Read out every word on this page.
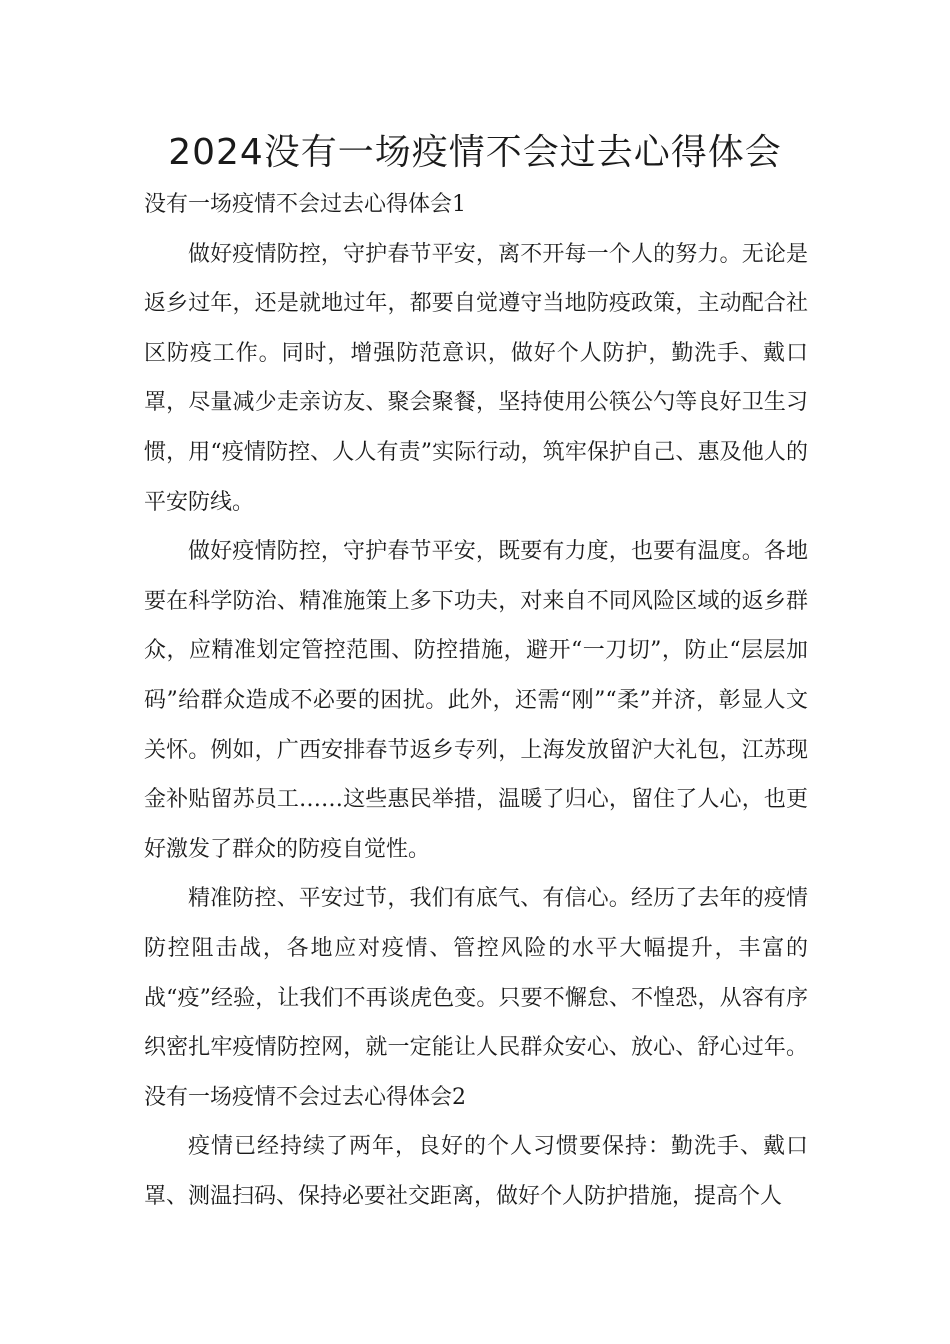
2024没有一场疫情不会过去心得体会

没有一场疫情不会过去心得体会1

做好疫情防控，守护春节平安，离不开每一个人的努力。无论是返乡过年，还是就地过年，都要自觉遵守当地防疫政策，主动配合社区防疫工作。同时，增强防范意识，做好个人防护，勤洗手、戴口罩，尽量减少走亲访友、聚会聚餐，坚持使用公筷公勺等良好卫生习惯，用“疫情防控、人人有责”实际行动，筑牢保护自己、惠及他人的平安防线。

做好疫情防控，守护春节平安，既要有力度，也要有温度。各地要在科学防治、精准施策上多下功夫，对来自不同风险区域的返乡群众，应精准划定管控范围、防控措施，避开“一刀切”，防止“层层加码”给群众造成不必要的困扰。此外，还需“刚”“柔”并济，彰显人文关怀。例如，广西安排春节返乡专列，上海发放留沪大礼包，江苏现金补贴留苏员工……这些惠民举措，温暖了归心，留住了人心，也更好激发了群众的防疫自觉性。

精准防控、平安过节，我们有底气、有信心。经历了去年的疫情防控阻击战，各地应对疫情、管控风险的水平大幅提升，丰富的战“疫”经验，让我们不再谈虎色变。只要不懈怠、不惶恐，从容有序织密扎牢疫情防控网，就一定能让人民群众安心、放心、舒心过年。没有一场疫情不会过去心得体会2

疫情已经持续了两年，良好的个人习惯要保持：勤洗手、戴口罩、测温扫码、保持必要社交距离，做好个人防护措施，提高个人
